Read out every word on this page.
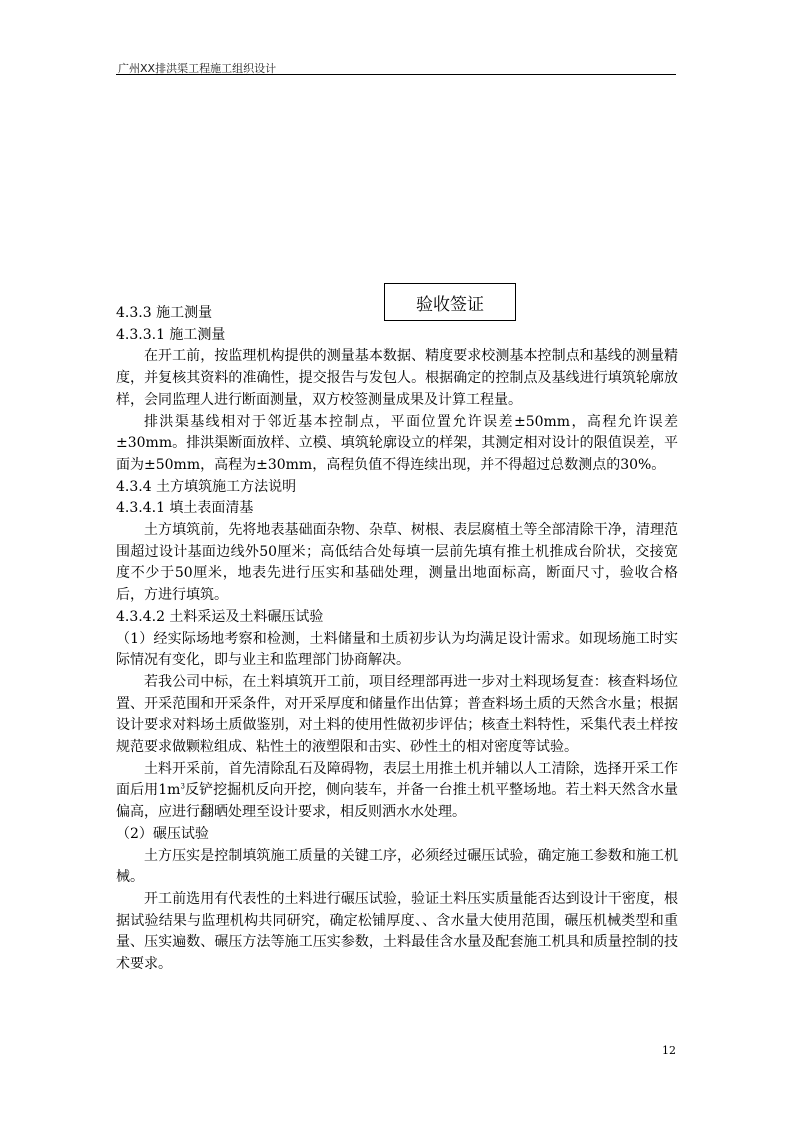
广州XX排洪渠工程施工组织设计
验收签证

4.3.3 施工测量

4.3.3.1 施工测量

在开工前，按监理机构提供的测量基本数据、精度要求校测基本控制点和基线的测量精度，并复核其资料的准确性，提交报告与发包人。根据确定的控制点及基线进行填筑轮廓放样，会同监理人进行断面测量，双方校签测量成果及计算工程量。

排洪渠基线相对于邻近基本控制点，平面位置允许误差±50mm，高程允许误差±30mm。排洪渠断面放样、立模、填筑轮廓设立的样架，其测定相对设计的限值误差，平面为±50mm，高程为±30mm，高程负值不得连续出现，并不得超过总数测点的30%。

4.3.4 土方填筑施工方法说明

4.3.4.1 填土表面清基

土方填筑前，先将地表基础面杂物、杂草、树根、表层腐植土等全部清除干净，清理范围超过设计基面边线外50厘米；高低结合处每填一层前先填有推土机推成台阶状，交接宽度不少于50厘米，地表先进行压实和基础处理，测量出地面标高，断面尺寸，验收合格后，方进行填筑。

4.3.4.2 土料采运及土料碾压试验

（1）经实际场地考察和检测，土料储量和土质初步认为均满足设计需求。如现场施工时实际情况有变化，即与业主和监理部门协商解决。

若我公司中标，在土料填筑开工前，项目经理部再进一步对土料现场复查：核查料场位置、开采范围和开采条件，对开采厚度和储量作出估算；普查料场土质的天然含水量；根据设计要求对料场土质做鉴别，对土料的使用性做初步评估；核查土料特性，采集代表土样按规范要求做颗粒组成、粘性土的液塑限和击实、砂性土的相对密度等试验。

土料开采前，首先清除乱石及障碍物，表层土用推土机并辅以人工清除，选择开采工作面后用$1m^3$反铲挖掘机反向开挖，侧向装车，并备一台推土机平整场地。若土料天然含水量偏高，应进行翻晒处理至设计要求，相反则洒水水处理。

（2）碾压试验

土方压实是控制填筑施工质量的关键工序，必须经过碾压试验，确定施工参数和施工机械。

开工前选用有代表性的土料进行碾压试验，验证土料压实质量能否达到设计干密度，根据试验结果与监理机构共同研究，确定松铺厚度、、含水量大使用范围，碾压机械类型和重量、压实遍数、碾压方法等施工压实参数，土料最佳含水量及配套施工机具和质量控制的技术要求。

12
